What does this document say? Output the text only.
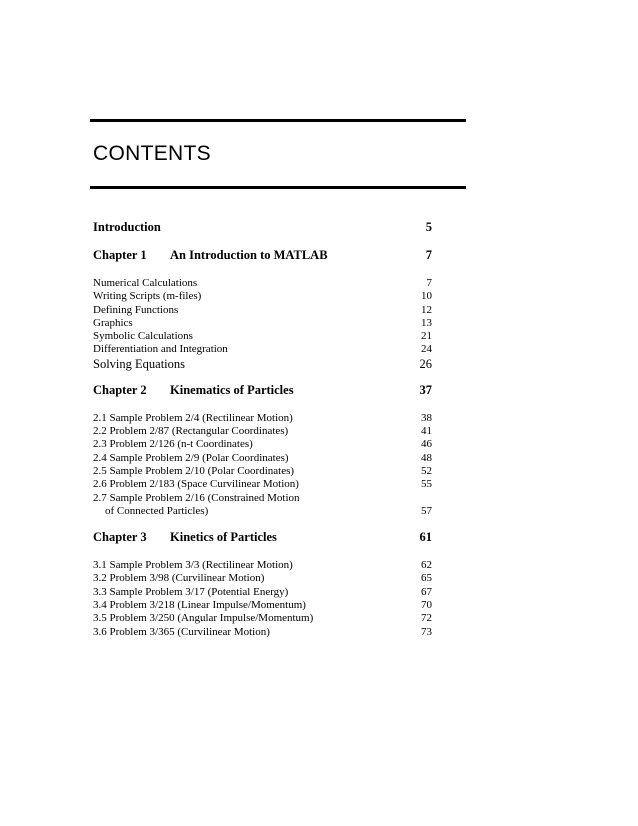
CONTENTS
Introduction	5
Chapter 1	An Introduction to MATLAB	7
Numerical Calculations	7
Writing Scripts (m-files)	10
Defining Functions	12
Graphics	13
Symbolic Calculations	21
Differentiation and Integration	24
Solving Equations	26
Chapter 2	Kinematics of Particles	37
2.1 Sample Problem 2/4 (Rectilinear Motion)	38
2.2 Problem 2/87 (Rectangular Coordinates)	41
2.3 Problem 2/126 (n-t Coordinates)	46
2.4 Sample Problem 2/9 (Polar Coordinates)	48
2.5 Sample Problem 2/10 (Polar Coordinates)	52
2.6 Problem 2/183 (Space Curvilinear Motion)	55
2.7 Sample Problem 2/16 (Constrained Motion
of Connected Particles)	57
Chapter 3	Kinetics of Particles	61
3.1 Sample Problem 3/3 (Rectilinear Motion)	62
3.2 Problem 3/98 (Curvilinear Motion)	65
3.3 Sample Problem 3/17 (Potential Energy)	67
3.4 Problem 3/218 (Linear Impulse/Momentum)	70
3.5 Problem 3/250 (Angular Impulse/Momentum)	72
3.6 Problem 3/365 (Curvilinear Motion)	73
